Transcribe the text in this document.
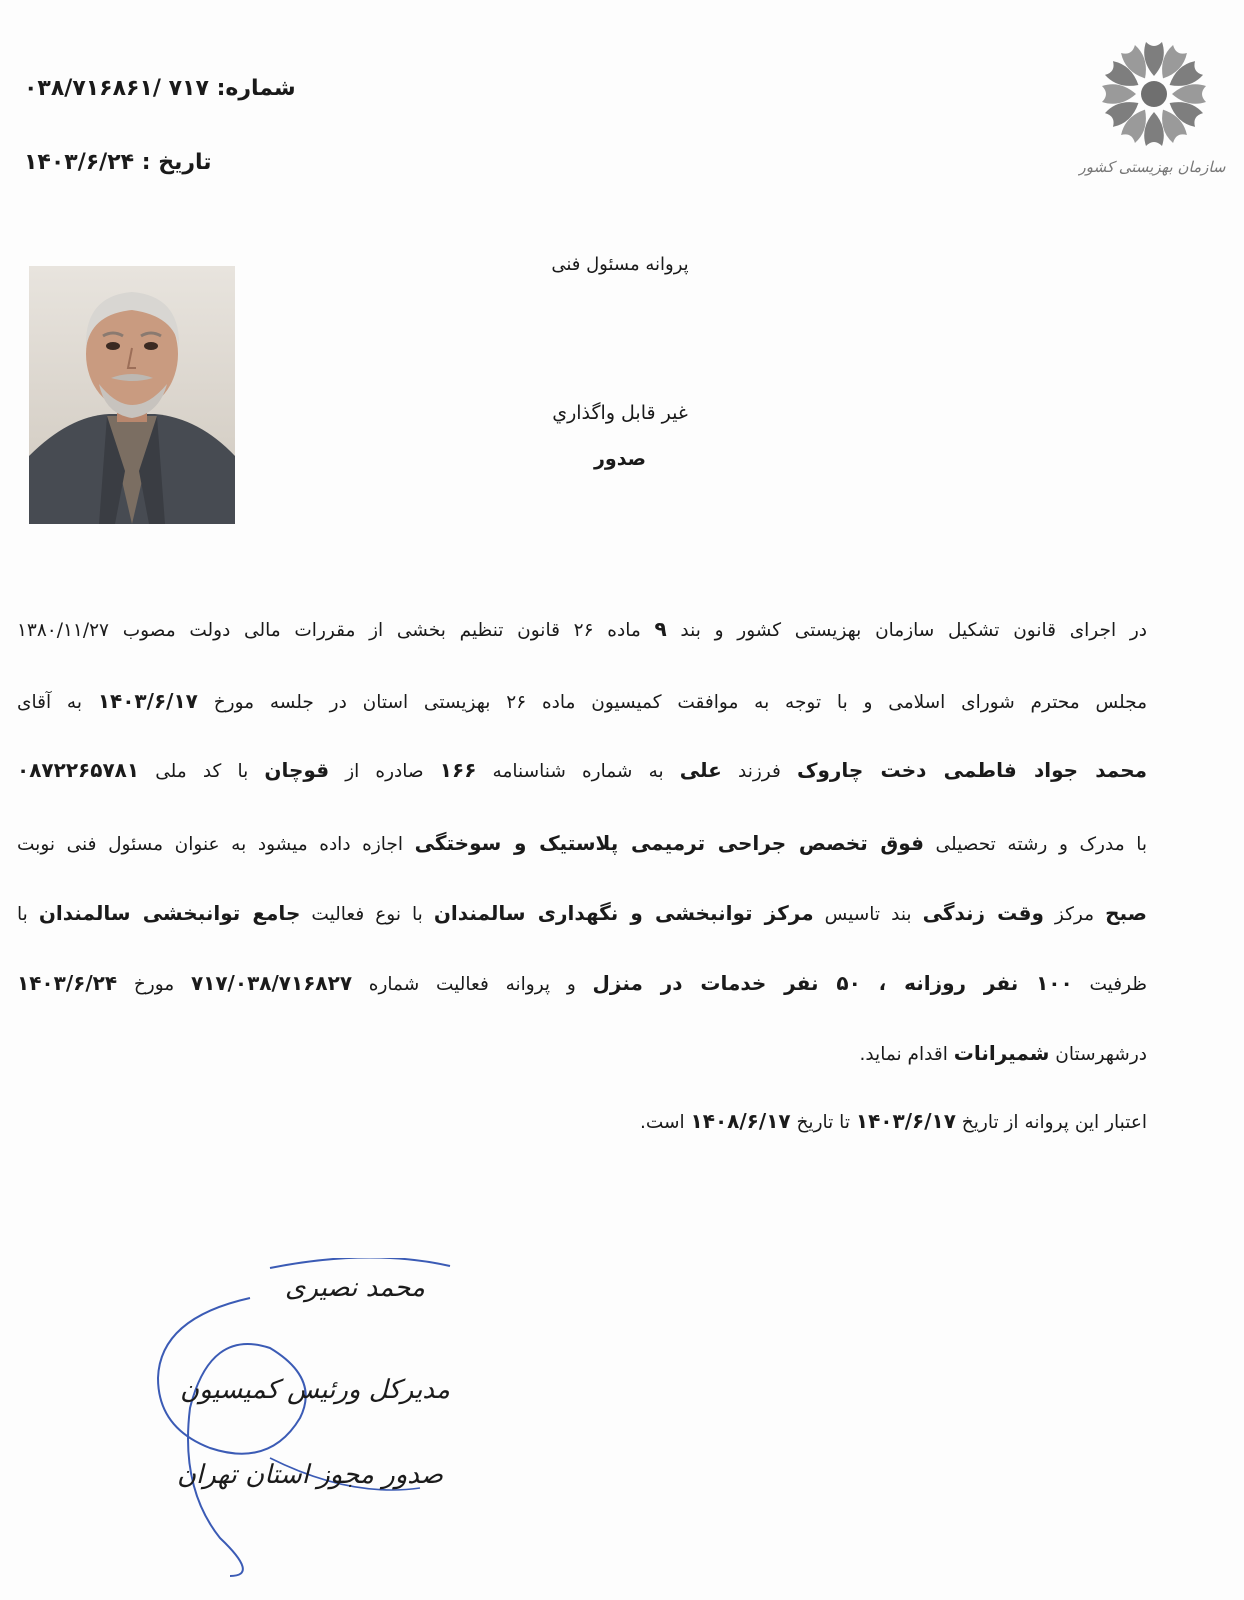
شماره: ۷۱۷ /۰۳۸/۷۱۶۸۶۱
تاریخ : ۱۴۰۳/۶/۲۴	سازمان بهزیستی کشور
پروانه مسئول فنی
غیر قابل واگذاري
صدور
در اجرای قانون تشکیل سازمان بهزیستی کشور و بند ۹ ماده ۲۶ قانون تنظیم بخشی از مقررات مالی دولت مصوب ۱۳۸۰/۱۱/۲۷
مجلس محترم شورای اسلامی و با توجه به موافقت کمیسیون ماده ۲۶ بهزیستی استان در جلسه مورخ ۱۴۰۳/۶/۱۷ به آقای
محمد جواد فاطمی دخت چاروک فرزند علی به شماره شناسنامه ۱۶۶ صادره از قوچان با کد ملی ۰۸۷۲۲۶۵۷۸۱
با مدرک و رشته تحصیلی فوق تخصص جراحی ترمیمی پلاستیک و سوختگی اجازه داده میشود به عنوان مسئول فنی نوبت
صبح مرکز وقت زندگی بند تاسیس مرکز توانبخشی و نگهداری سالمندان با نوع فعالیت جامع توانبخشی سالمندان با
ظرفیت ۱۰۰ نفر روزانه ، ۵۰ نفر خدمات در منزل و پروانه فعالیت شماره ۷۱۷/۰۳۸/۷۱۶۸۲۷ مورخ ۱۴۰۳/۶/۲۴
درشهرستان شمیرانات اقدام نماید.
اعتبار این پروانه از تاریخ ۱۴۰۳/۶/۱۷ تا تاریخ ۱۴۰۸/۶/۱۷ است.
محمد نصیری
مدیرکل ورئیس کمیسیون
صدور مجوز استان تهران
